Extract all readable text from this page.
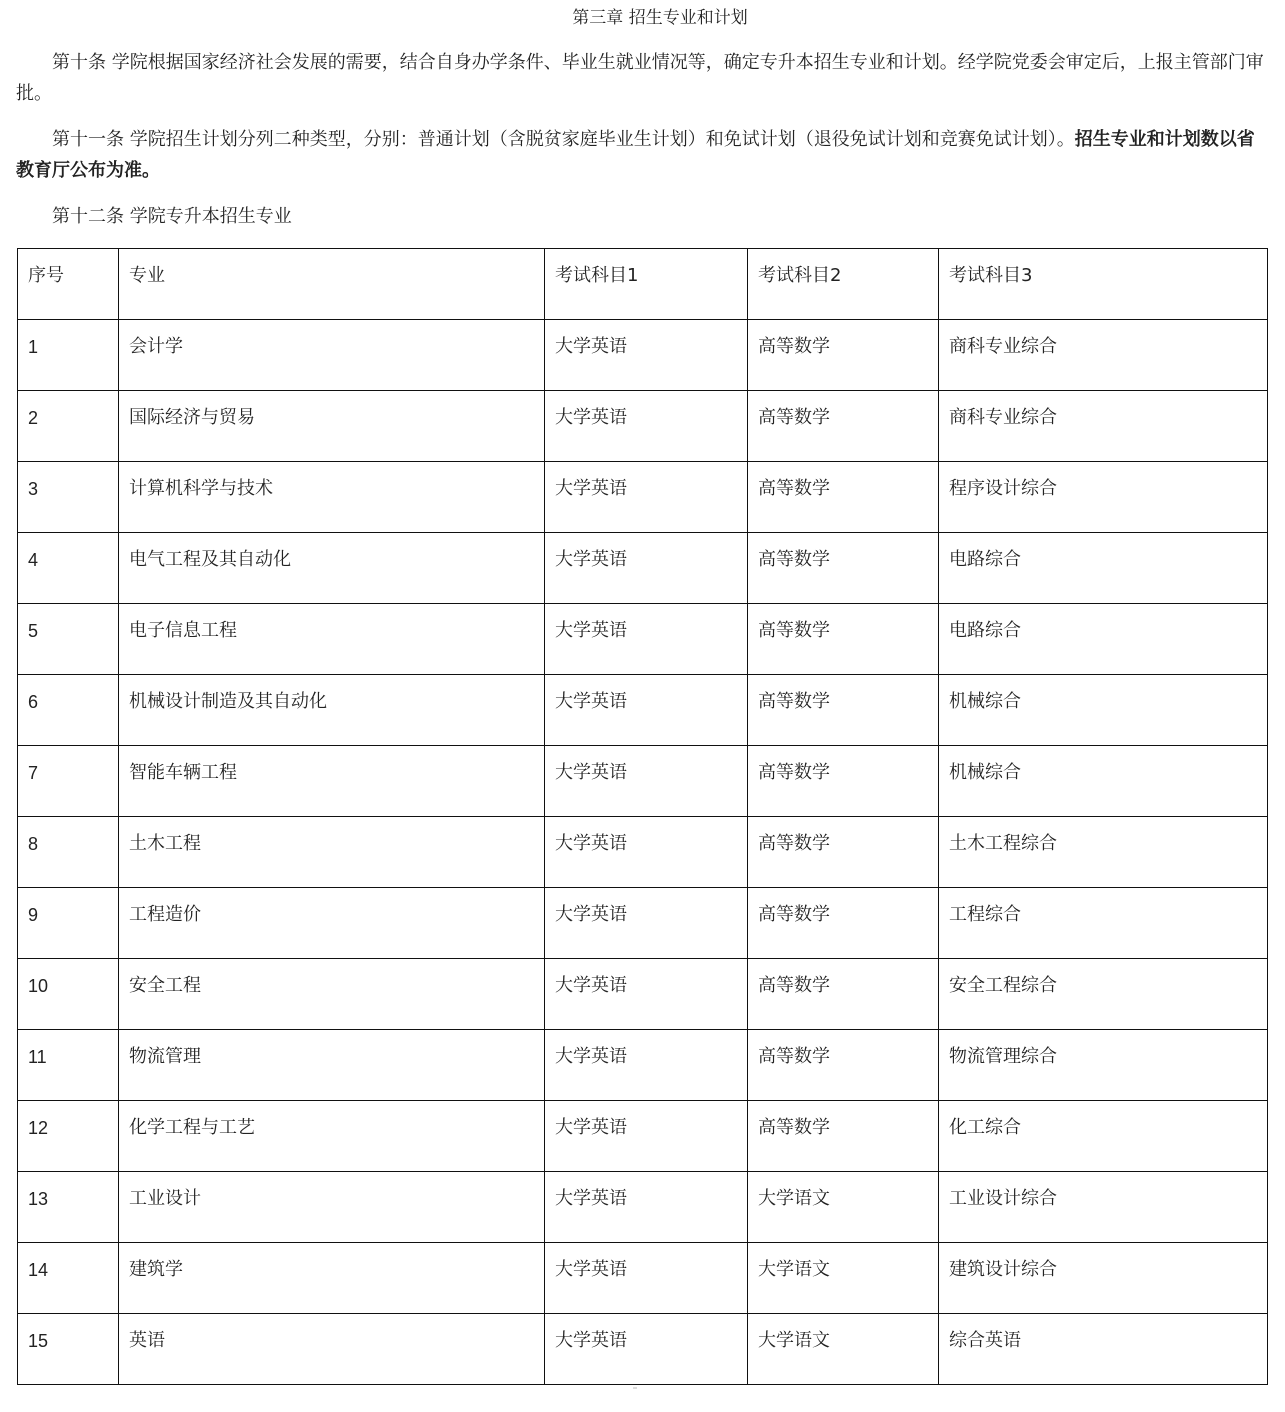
第三章 招生专业和计划

第十条 学院根据国家经济社会发展的需要，结合自身办学条件、毕业生就业情况等，确定专升本招生专业和计划。经学院党委会审定后，上报主管部门审批。

第十一条 学院招生计划分列二种类型，分别：普通计划（含脱贫家庭毕业生计划）和免试计划（退役免试计划和竞赛免试计划）。招生专业和计划数以省教育厅公布为准。

第十二条 学院专升本招生专业

序号	专业	考试科目1	考试科目2	考试科目3

1	会计学	大学英语	高等数学	商科专业综合

2	国际经济与贸易	大学英语	高等数学	商科专业综合

3	计算机科学与技术	大学英语	高等数学	程序设计综合

4	电气工程及其自动化	大学英语	高等数学	电路综合

5	电子信息工程	大学英语	高等数学	电路综合

6	机械设计制造及其自动化	大学英语	高等数学	机械综合

7	智能车辆工程	大学英语	高等数学	机械综合

8	土木工程	大学英语	高等数学	土木工程综合

9	工程造价	大学英语	高等数学	工程综合

10	安全工程	大学英语	高等数学	安全工程综合

11	物流管理	大学英语	高等数学	物流管理综合

12	化学工程与工艺	大学英语	高等数学	化工综合

13	工业设计	大学英语	大学语文	工业设计综合

14	建筑学	大学英语	大学语文	建筑设计综合

15	英语	大学英语	大学语文	综合英语
